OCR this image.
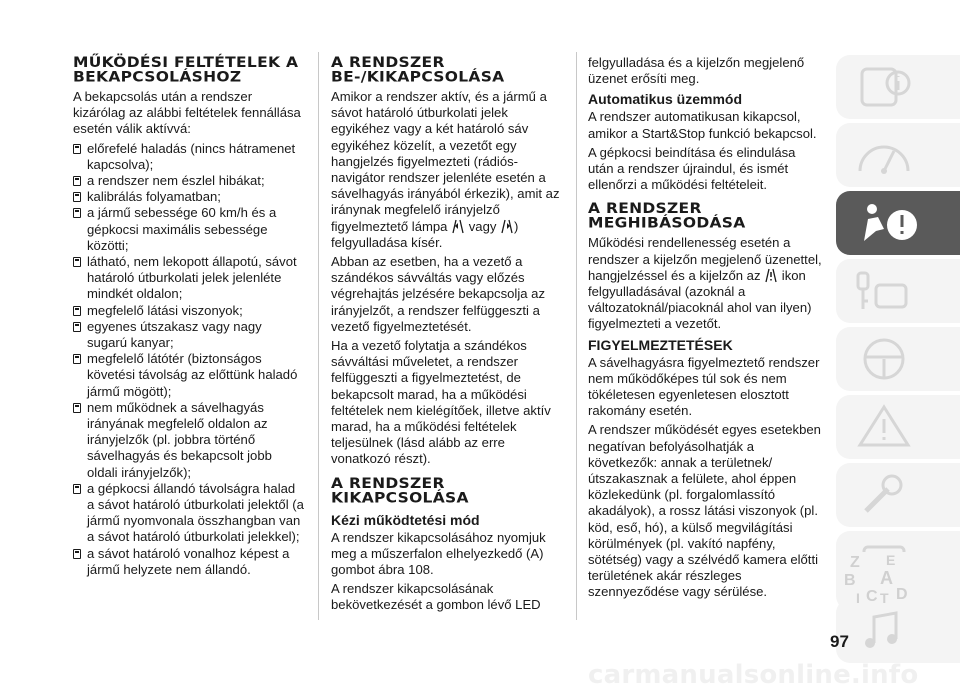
MŰKÖDÉSI FELTÉTELEK A BEKAPCSOLÁSHOZ

A bekapcsolás után a rendszer kizárólag az alábbi feltételek fennállása esetén válik aktívvá:

előrefelé haladás (nincs hátramenet kapcsolva);

a rendszer nem észlel hibákat;

kalibrálás folyamatban;

a jármű sebessége 60 km/h és a gépkocsi maximális sebessége közötti;

látható, nem lekopott állapotú, sávot határoló útburkolati jelek jelenléte mindkét oldalon;

megfelelő látási viszonyok;

egyenes útszakasz vagy nagy sugarú kanyar;

megfelelő látótér (biztonságos követési távolság az előttünk haladó jármű mögött);

nem működnek a sávelhagyás irányának megfelelő oldalon az irányjelzők (pl. jobbra történő sávelhagyás és bekapcsolt jobb oldali irányjelzők);

a gépkocsi állandó távolságra halad a sávot határoló útburkolati jelektől (a jármű nyomvonala összhangban van a sávot határoló útburkolati jelekkel);

a sávot határoló vonalhoz képest a jármű helyzete nem állandó.

A RENDSZER BE-/KIKAPCSOLÁSA

Amikor a rendszer aktív, és a jármű a sávot határoló útburkolati jelek egyikéhez vagy a két határoló sáv egyikéhez közelít, a vezetőt egy hangjelzés figyelmezteti (rádiós-navigátor rendszer jelenléte esetén a sávelhagyás irányából érkezik), amit az iránynak megfelelő irányjelző figyelmeztető lámpa vagy ) felgyulladása kísér.

Abban az esetben, ha a vezető a szándékos sávváltás vagy előzés végrehajtás jelzésére bekapcsolja az irányjelzőt, a rendszer felfüggeszti a vezető figyelmeztetését.

Ha a vezető folytatja a szándékos sávváltási műveletet, a rendszer felfüggeszti a figyelmeztetést, de bekapcsolt marad, ha a működési feltételek nem kielégítőek, illetve aktív marad, ha a működési feltételek teljesülnek (lásd alább az erre vonatkozó részt).

A RENDSZER KIKAPCSOLÁSA
Kézi működtetési mód

A rendszer kikapcsolásához nyomjuk meg a műszerfalon elhelyezkedő (A) gombot ábra 108.

A rendszer kikapcsolásának bekövetkezését a gombon lévő LED

felgyulladása és a kijelzőn megjelenő üzenet erősíti meg.

Automatikus üzemmód

A rendszer automatikusan kikapcsol, amikor a Start&Stop funkció bekapcsol.

A gépkocsi beindítása és elindulása után a rendszer újraindul, és ismét ellenőrzi a működési feltételeit.

A RENDSZER MEGHIBÁSODÁSA

Működési rendellenesség esetén a rendszer a kijelzőn megjelenő üzenettel, hangjelzéssel és a kijelzőn az ikon felgyulladásával (azoknál a változatoknál/piacoknál ahol van ilyen) figyelmezteti a vezetőt.

FIGYELMEZTETÉSEK

A sávelhagyásra figyelmeztető rendszer nem működőképes túl sok és nem tökéletesen egyenletesen elosztott rakomány esetén.

A rendszer működését egyes esetekben negatívan befolyásolhatják a következők: annak a területnek/útszakasznak a felülete, ahol éppen közlekedünk (pl. forgalomlassító akadályok), a rossz látási viszonyok (pl. köd, eső, hó), a külső megvilágítási körülmények (pl. vakító napfény, sötétség) vagy a szélvédő kamera előtti területének akár részleges szennyeződése vagy sérülése.

Z E
B A
I C T D
97
carmanualsonline.info
